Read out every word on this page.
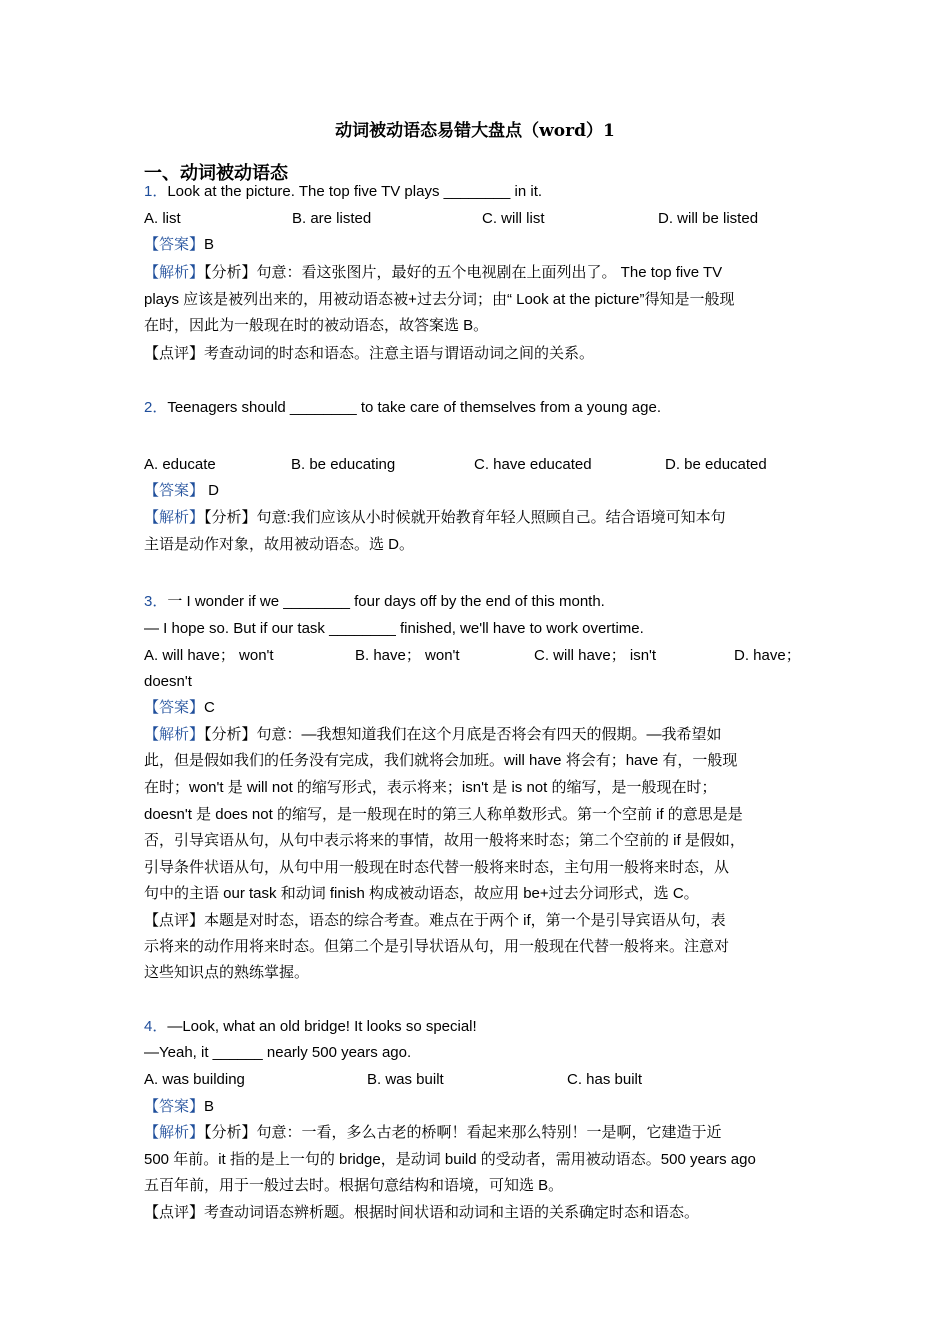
动词被动语态易错大盘点（word）1
一、动词被动语态
1．Look at the picture. The top five TV plays ________ in it.
A. list	B. are listed	C. will list	D. will be listed
【答案】B
【解析】【分析】句意：看这张图片，最好的五个电视剧在上面列出了。 The top five TV
plays 应该是被列出来的，用被动语态被+过去分词；由“ Look at the picture”得知是一般现
在时，因此为一般现在时的被动语态，故答案选 B。
【点评】考查动词的时态和语态。注意主语与谓语动词之间的关系。
2．Teenagers should ________ to take care of themselves from a young age.
A. educate	B. be educating	C. have educated	D. be educated
【答案】 D
【解析】【分析】句意:我们应该从小时候就开始教育年轻人照顾自己。结合语境可知本句
主语是动作对象，故用被动语态。选 D。
3．一 I wonder if we ________ four days off by the end of this month.
— I hope so. But if our task ________ finished, we'll have to work overtime.
A. will have； won't	B. have； won't	C. will have； isn't	D. have；
doesn't
【答案】C
【解析】【分析】句意：—我想知道我们在这个月底是否将会有四天的假期。—我希望如
此，但是假如我们的任务没有完成，我们就将会加班。will have 将会有；have 有，一般现
在时；won't 是 will not 的缩写形式，表示将来；isn't 是 is not 的缩写，是一般现在时；
doesn't 是 does not 的缩写，是一般现在时的第三人称单数形式。第一个空前 if 的意思是是
否，引导宾语从句，从句中表示将来的事情，故用一般将来时态；第二个空前的 if 是假如，
引导条件状语从句，从句中用一般现在时态代替一般将来时态，主句用一般将来时态，从
句中的主语 our task 和动词 finish 构成被动语态，故应用 be+过去分词形式，选 C。
【点评】本题是对时态，语态的综合考查。难点在于两个 if，第一个是引导宾语从句，表
示将来的动作用将来时态。但第二个是引导状语从句，用一般现在代替一般将来。注意对
这些知识点的熟练掌握。
4．—Look, what an old bridge! It looks so special!
—Yeah, it ______ nearly 500 years ago.
A. was building	B. was built	C. has built
【答案】B
【解析】【分析】句意：一看，多么古老的桥啊！看起来那么特别！一是啊，它建造于近
500 年前。it 指的是上一句的 bridge，是动词 build 的受动者，需用被动语态。500 years ago
五百年前，用于一般过去时。根据句意结构和语境，可知选 B。
【点评】考查动词语态辨析题。根据时间状语和动词和主语的关系确定时态和语态。
